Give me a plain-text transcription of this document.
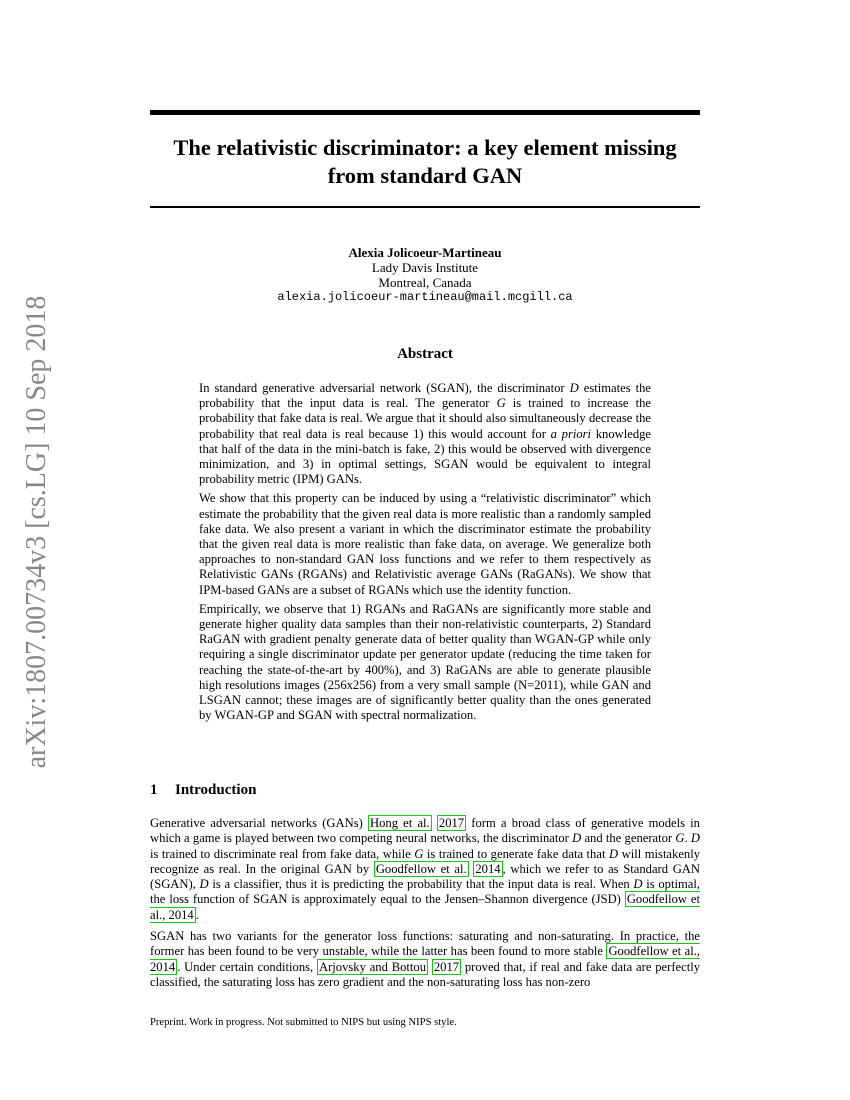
arXiv:1807.00734v3 [cs.LG] 10 Sep 2018
The relativistic discriminator: a key element missing
from standard GAN
Alexia Jolicoeur-Martineau
Lady Davis Institute
Montreal, Canada
alexia.jolicoeur-martineau@mail.mcgill.ca
Abstract

In standard generative adversarial network (SGAN), the discriminator D estimates the probability that the input data is real. The generator G is trained to increase the probability that fake data is real. We argue that it should also simultaneously decrease the probability that real data is real because 1) this would account for a priori knowledge that half of the data in the mini-batch is fake, 2) this would be observed with divergence minimization, and 3) in optimal settings, SGAN would be equivalent to integral probability metric (IPM) GANs.

We show that this property can be induced by using a “relativistic discriminator” which estimate the probability that the given real data is more realistic than a randomly sampled fake data. We also present a variant in which the discriminator estimate the probability that the given real data is more realistic than fake data, on average. We generalize both approaches to non-standard GAN loss functions and we refer to them respectively as Relativistic GANs (RGANs) and Relativistic average GANs (RaGANs). We show that IPM-based GANs are a subset of RGANs which use the identity function.

Empirically, we observe that 1) RGANs and RaGANs are significantly more stable and generate higher quality data samples than their non-relativistic counterparts, 2) Standard RaGAN with gradient penalty generate data of better quality than WGAN-GP while only requiring a single discriminator update per generator update (reducing the time taken for reaching the state-of-the-art by 400%), and 3) RaGANs are able to generate plausible high resolutions images (256x256) from a very small sample (N=2011), while GAN and LSGAN cannot; these images are of significantly better quality than the ones generated by WGAN-GP and SGAN with spectral normalization.

1 Introduction

Generative adversarial networks (GANs) Hong et al. 2017 form a broad class of generative models in which a game is played between two competing neural networks, the discriminator D and the generator G. D is trained to discriminate real from fake data, while G is trained to generate fake data that D will mistakenly recognize as real. In the original GAN by Goodfellow et al. 2014 , which we refer to as Standard GAN (SGAN), D is a classifier, thus it is predicting the probability that the input data is real. When D is optimal, the loss function of SGAN is approximately equal to the Jensen–Shannon divergence (JSD) Goodfellow et al., 2014 .

SGAN has two variants for the generator loss functions: saturating and non-saturating. In practice, the former has been found to be very unstable, while the latter has been found to more stable Goodfellow et al., 2014 . Under certain conditions, Arjovsky and Bottou 2017 proved that, if real and fake data are perfectly classified, the saturating loss has zero gradient and the non-saturating loss has non-zero

Preprint. Work in progress. Not submitted to NIPS but using NIPS style.
